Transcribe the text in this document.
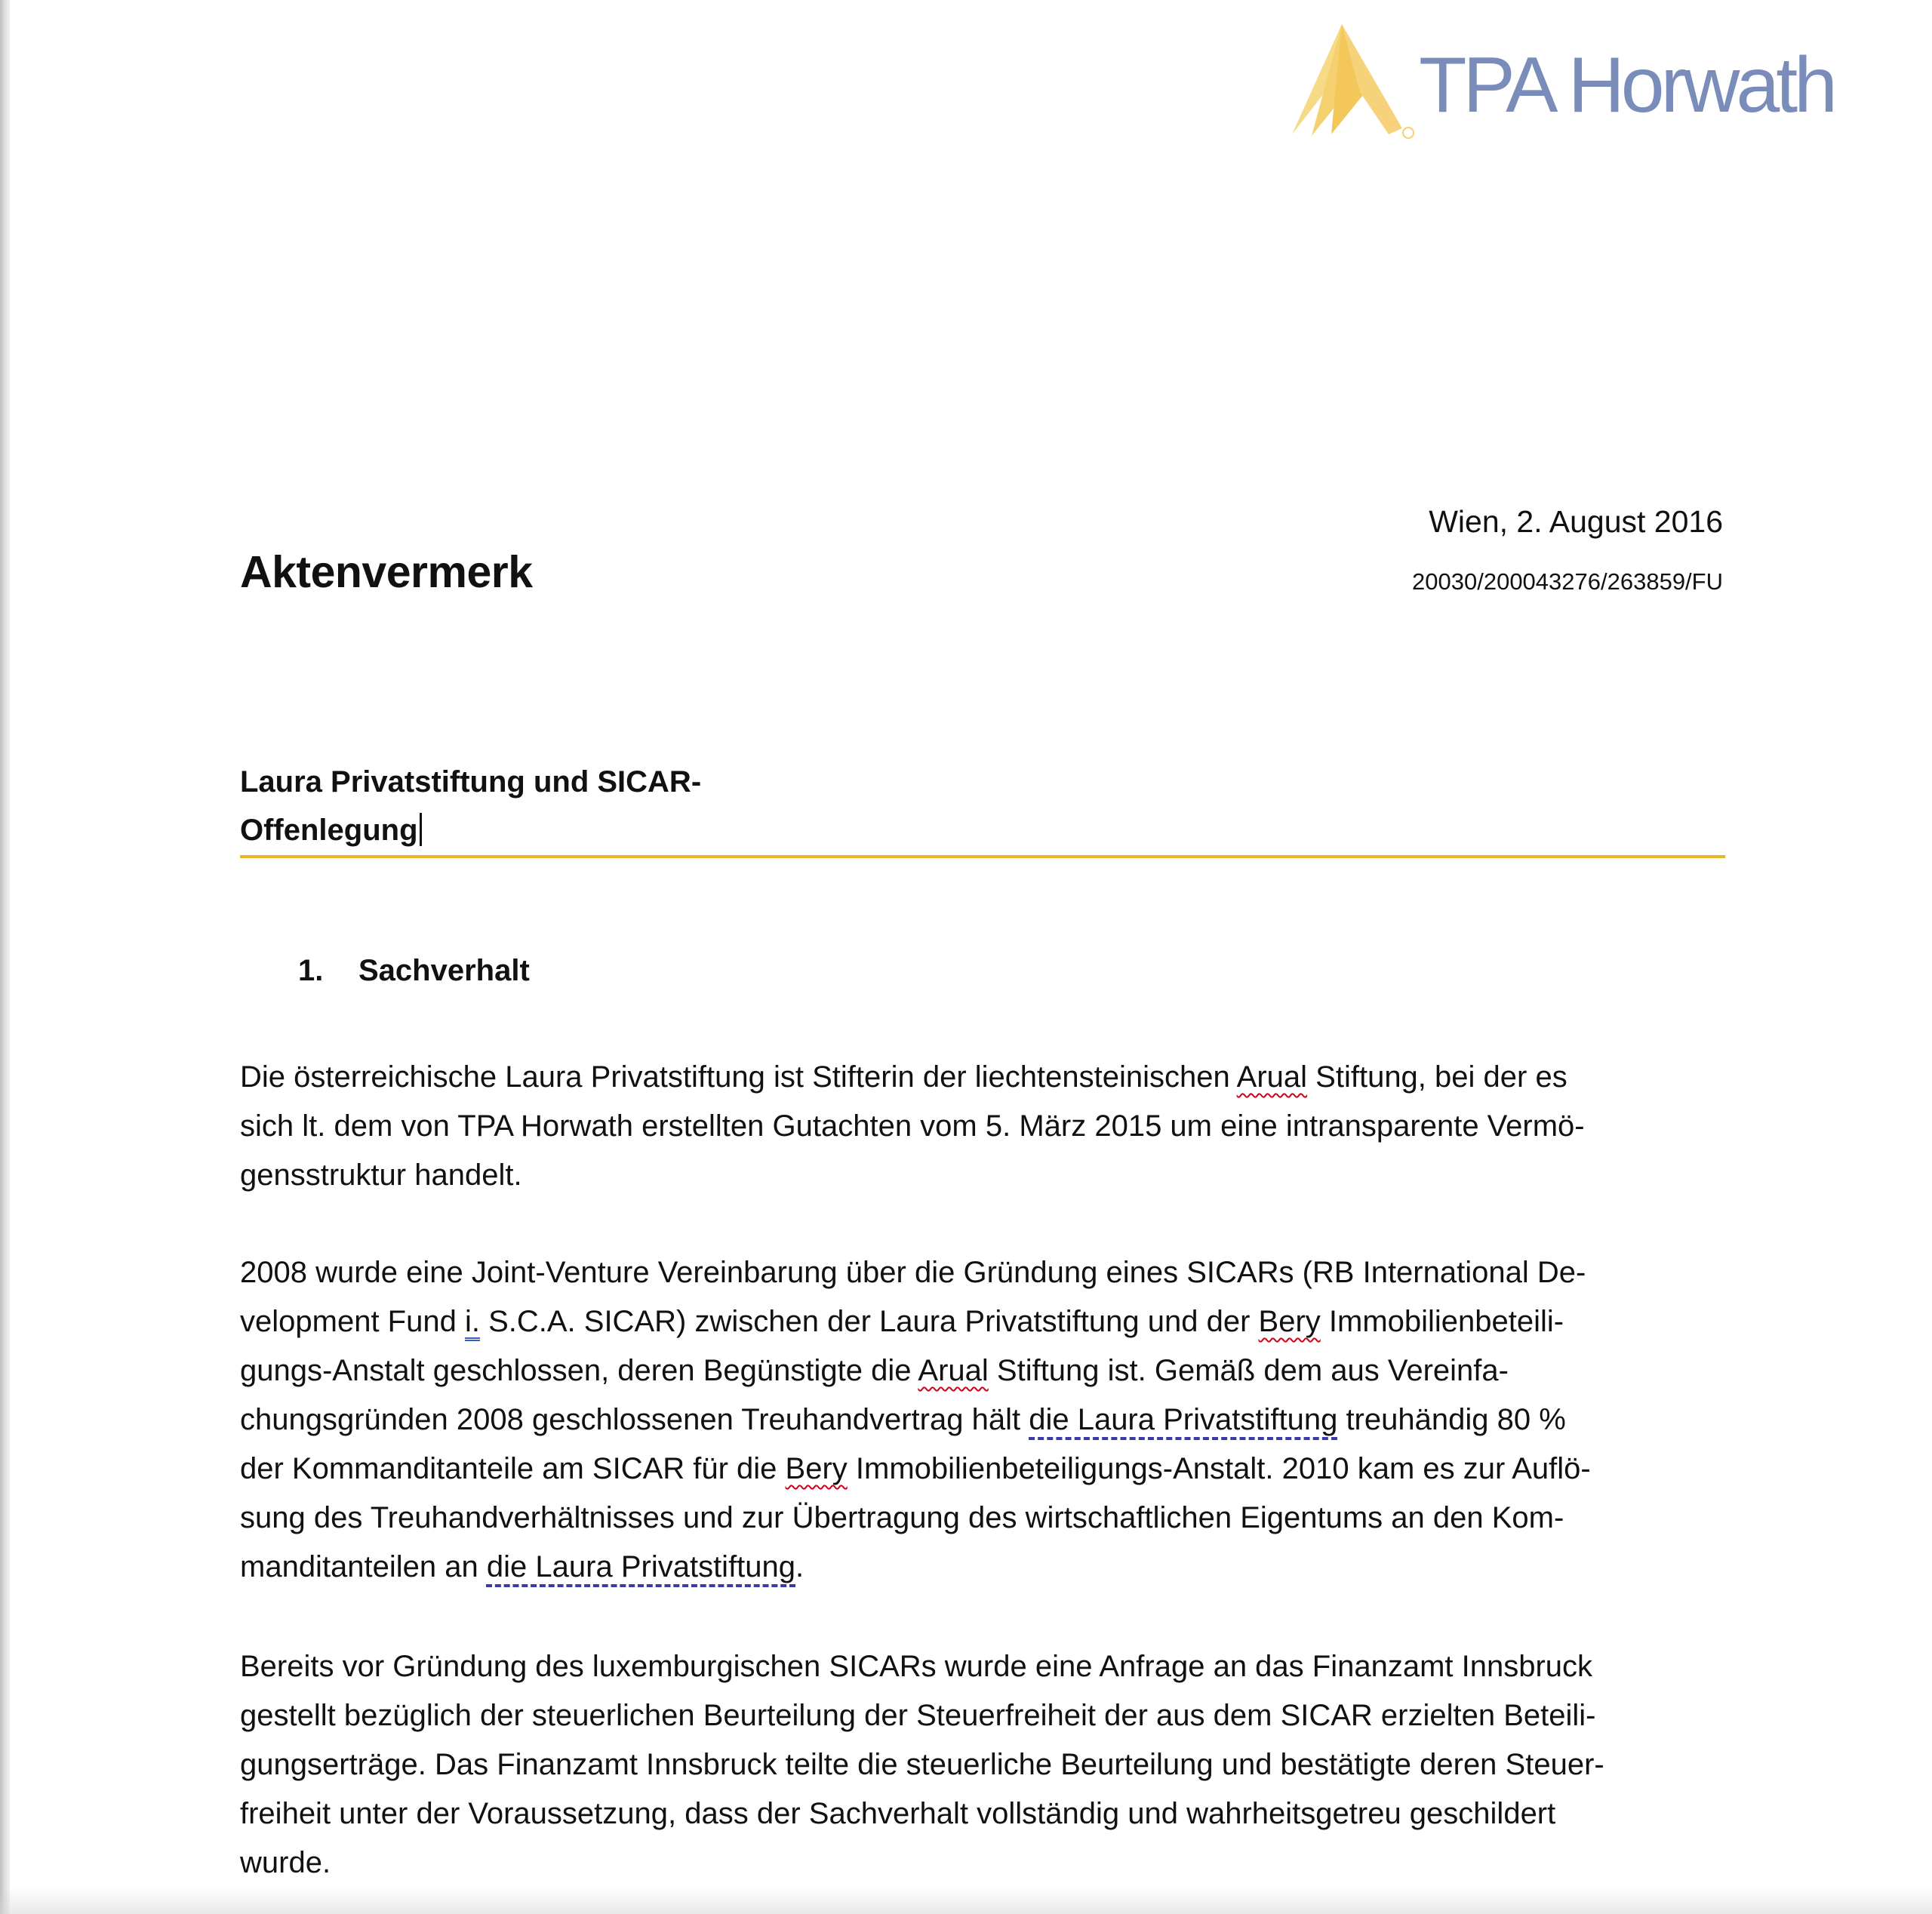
TPA Horwath
Wien, 2. August 2016
20030/200043276/263859/FU
Aktenvermerk
Laura Privatstiftung und SICAR-
Offenlegung
1. Sachverhalt
Die österreichische Laura Privatstiftung ist Stifterin der liechtensteinischen Arual Stiftung, bei der es
sich lt. dem von TPA Horwath erstellten Gutachten vom 5. März 2015 um eine intransparente Vermö-
gensstruktur handelt.
2008 wurde eine Joint-Venture Vereinbarung über die Gründung eines SICARs (RB International De-
velopment Fund i. S.C.A. SICAR) zwischen der Laura Privatstiftung und der Bery Immobilienbeteili-
gungs-Anstalt geschlossen, deren Begünstigte die Arual Stiftung ist. Gemäß dem aus Vereinfa-
chungsgründen 2008 geschlossenen Treuhandvertrag hält die Laura Privatstiftung treuhändig 80 %
der Kommanditanteile am SICAR für die Bery Immobilienbeteiligungs-Anstalt. 2010 kam es zur Auflö-
sung des Treuhandverhältnisses und zur Übertragung des wirtschaftlichen Eigentums an den Kom-
manditanteilen an die Laura Privatstiftung.
Bereits vor Gründung des luxemburgischen SICARs wurde eine Anfrage an das Finanzamt Innsbruck
gestellt bezüglich der steuerlichen Beurteilung der Steuerfreiheit der aus dem SICAR erzielten Beteili-
gungserträge. Das Finanzamt Innsbruck teilte die steuerliche Beurteilung und bestätigte deren Steuer-
freiheit unter der Voraussetzung, dass der Sachverhalt vollständig und wahrheitsgetreu geschildert
wurde.
